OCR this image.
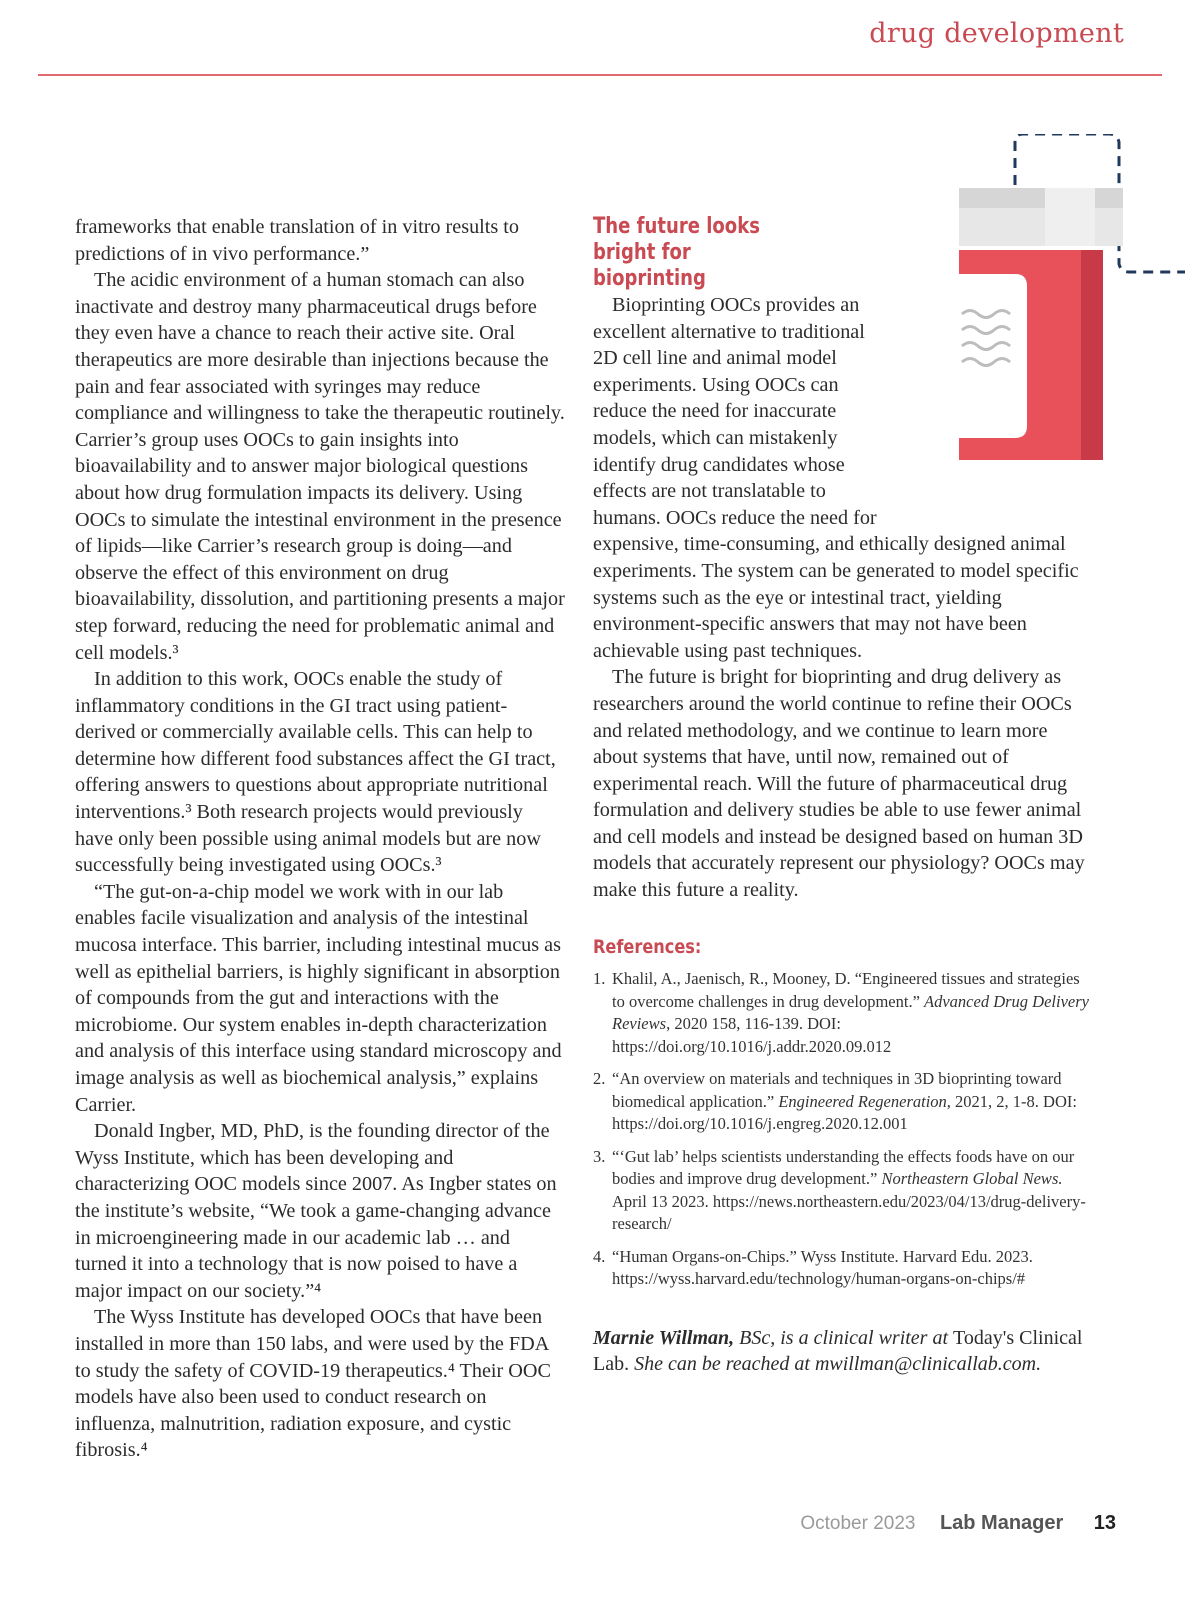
drug development

frameworks that enable translation of in vitro results to predictions of in vivo performance.”

The acidic environment of a human stomach can also inactivate and destroy many pharmaceutical drugs before they even have a chance to reach their active site. Oral therapeutics are more desirable than injections because the pain and fear associated with syringes may reduce compliance and willingness to take the therapeutic routinely. Carrier’s group uses OOCs to gain insights into bioavailability and to answer major biological questions about how drug formulation impacts its delivery. Using OOCs to simulate the intestinal environment in the presence of lipids—like Carrier’s research group is doing—and observe the effect of this environment on drug bioavailability, dissolution, and partitioning presents a major step forward, reducing the need for problematic animal and cell models.³

In addition to this work, OOCs enable the study of inflammatory conditions in the GI tract using patient-derived or commercially available cells. This can help to determine how different food substances affect the GI tract, offering answers to questions about appropriate nutritional interventions.³ Both research projects would previously have only been possible using animal models but are now successfully being investigated using OOCs.³

“The gut-on-a-chip model we work with in our lab enables facile visualization and analysis of the intestinal mucosa interface. This barrier, including intestinal mucus as well as epithelial barriers, is highly significant in absorption of compounds from the gut and interactions with the microbiome. Our system enables in-depth characterization and analysis of this interface using standard microscopy and image analysis as well as biochemical analysis,” explains Carrier.

Donald Ingber, MD, PhD, is the founding director of the Wyss Institute, which has been developing and characterizing OOC models since 2007. As Ingber states on the institute’s website, “We took a game-changing advance in microengineering made in our academic lab … and turned it into a technology that is now poised to have a major impact on our society.”⁴

The Wyss Institute has developed OOCs that have been installed in more than 150 labs, and were used by the FDA to study the safety of COVID-19 therapeutics.⁴ Their OOC models have also been used to conduct research on influenza, malnutrition, radiation exposure, and cystic fibrosis.⁴

The future looks bright for bioprinting

Bioprinting OOCs provides an excellent alternative to traditional 2D cell line and animal model experiments. Using OOCs can reduce the need for inaccurate models, which can mistakenly identify drug candidates whose effects are not translatable to humans. OOCs reduce the need for expensive, time-consuming, and ethically designed animal experiments. The system can be generated to model specific systems such as the eye or intestinal tract, yielding environment-specific answers that may not have been achievable using past techniques.

The future is bright for bioprinting and drug delivery as researchers around the world continue to refine their OOCs and related methodology, and we continue to learn more about systems that have, until now, remained out of experimental reach. Will the future of pharmaceutical drug formulation and delivery studies be able to use fewer animal and cell models and instead be designed based on human 3D models that accurately represent our physiology? OOCs may make this future a reality.

References:
1. Khalil, A., Jaenisch, R., Mooney, D. “Engineered tissues and strategies to overcome challenges in drug development.” Advanced Drug Delivery Reviews, 2020 158, 116-139. DOI: https://doi.org/10.1016/j.addr.2020.09.012
2. “An overview on materials and techniques in 3D bioprinting toward biomedical application.” Engineered Regeneration, 2021, 2, 1-8. DOI: https://doi.org/10.1016/j.engreg.2020.12.001
3. “‘Gut lab’ helps scientists understanding the effects foods have on our bodies and improve drug development.” Northeastern Global News. April 13 2023. https://news.northeastern.edu/2023/04/13/drug-delivery-research/
4. “Human Organs-on-Chips.” Wyss Institute. Harvard Edu. 2023. https://wyss.harvard.edu/technology/human-organs-on-chips/#
Marnie Willman, BSc, is a clinical writer at Today's Clinical Lab. She can be reached at mwillman@clinicallab.com.
October 2023 Lab Manager 13
